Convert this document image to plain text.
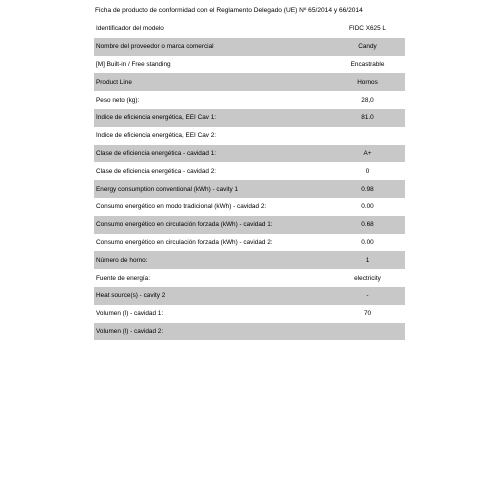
Ficha de producto de conformidad con el Reglamento Delegado (UE) Nº 65/2014 y 66/2014
Identificador del modelo	FIDC X625 L
Nombre del proveedor o marca comercial	Candy
[M] Built-in / Free standing	Encastrable
Product Line	Hornos
Peso neto (kg):	28,0
Índice de eficiencia energética, EEI Cav 1:	81.0
Índice de eficiencia energética, EEI Cav 2:
Clase de eficiencia energética - cavidad 1:	A+
Clase de eficiencia energética - cavidad 2:	0
Energy consumption conventional (kWh) - cavity 1	0.98
Consumo energético en modo tradicional (kWh) - cavidad 2:	0.00
Consumo energético en circulación forzada (kWh) - cavidad 1:	0.68
Consumo energético en circulación forzada (kWh) - cavidad 2:	0.00
Número de horno:	1
Fuente de energía:	electricity
Heat source(s) - cavity 2	-
Volumen (l) - cavidad 1:	70
Volumen (l) - cavidad 2:
